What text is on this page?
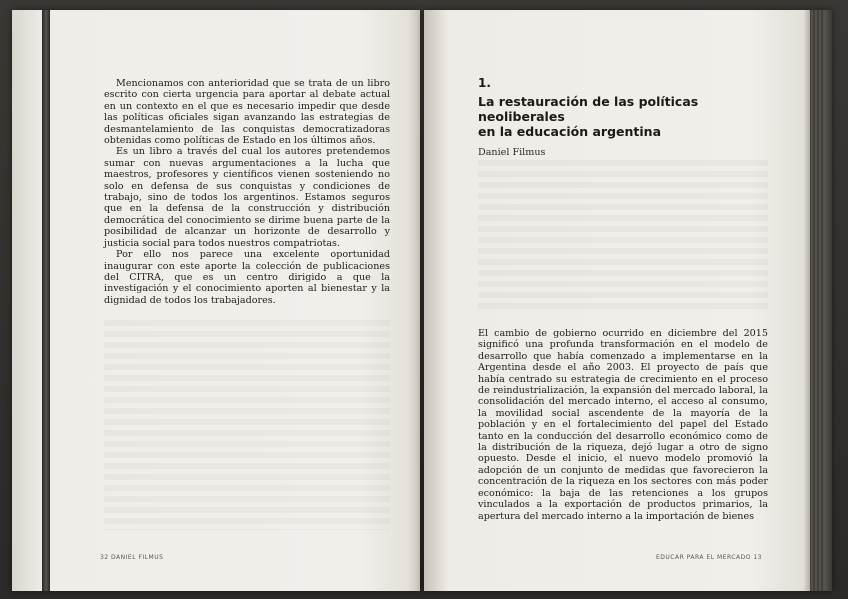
Mencionamos con anterioridad que se trata de un libro escrito con cierta urgencia para aportar al debate actual en un contexto en el que es necesario impedir que desde las políticas oficiales sigan avanzando las estrategias de desmantelamiento de las conquistas democratizadoras obtenidas como políticas de Estado en los últimos años.

Es un libro a través del cual los autores pretendemos sumar con nuevas argumentaciones a la lucha que maestros, profesores y científicos vienen sosteniendo no solo en defensa de sus conquistas y condiciones de trabajo, sino de todos los argentinos. Estamos seguros que en la defensa de la construcción y distribución democrática del conocimiento se dirime buena parte de la posibilidad de alcanzar un horizonte de desarrollo y justicia social para todos nuestros compatriotas.

Por ello nos parece una excelente oportunidad inaugurar con este aporte la colección de publicaciones del CITRA, que es un centro dirigido a que la investigación y el conocimiento aporten al bienestar y la dignidad de todos los trabajadores.

32 DANIEL FILMUS
1.
La restauración de las políticas neoliberales
en la educación argentina
Daniel Filmus

El cambio de gobierno ocurrido en diciembre del 2015 significó una profunda transformación en el modelo de desarrollo que había comenzado a implementarse en la Argentina desde el año 2003. El proyecto de país que había centrado su estrategia de crecimiento en el proceso de reindustrialización, la expansión del mercado laboral, la consolidación del mercado interno, el acceso al consumo, la movilidad social ascendente de la mayoría de la población y en el fortalecimiento del papel del Estado tanto en la conducción del desarrollo económico como de la distribución de la riqueza, dejó lugar a otro de signo opuesto. Desde el inicio, el nuevo modelo promovió la adopción de un conjunto de medidas que favorecieron la concentración de la riqueza en los sectores con más poder económico: la baja de las retenciones a los grupos vinculados a la exportación de productos primarios, la apertura del mercado interno a la importación de bienes

EDUCAR PARA EL MERCADO 13
